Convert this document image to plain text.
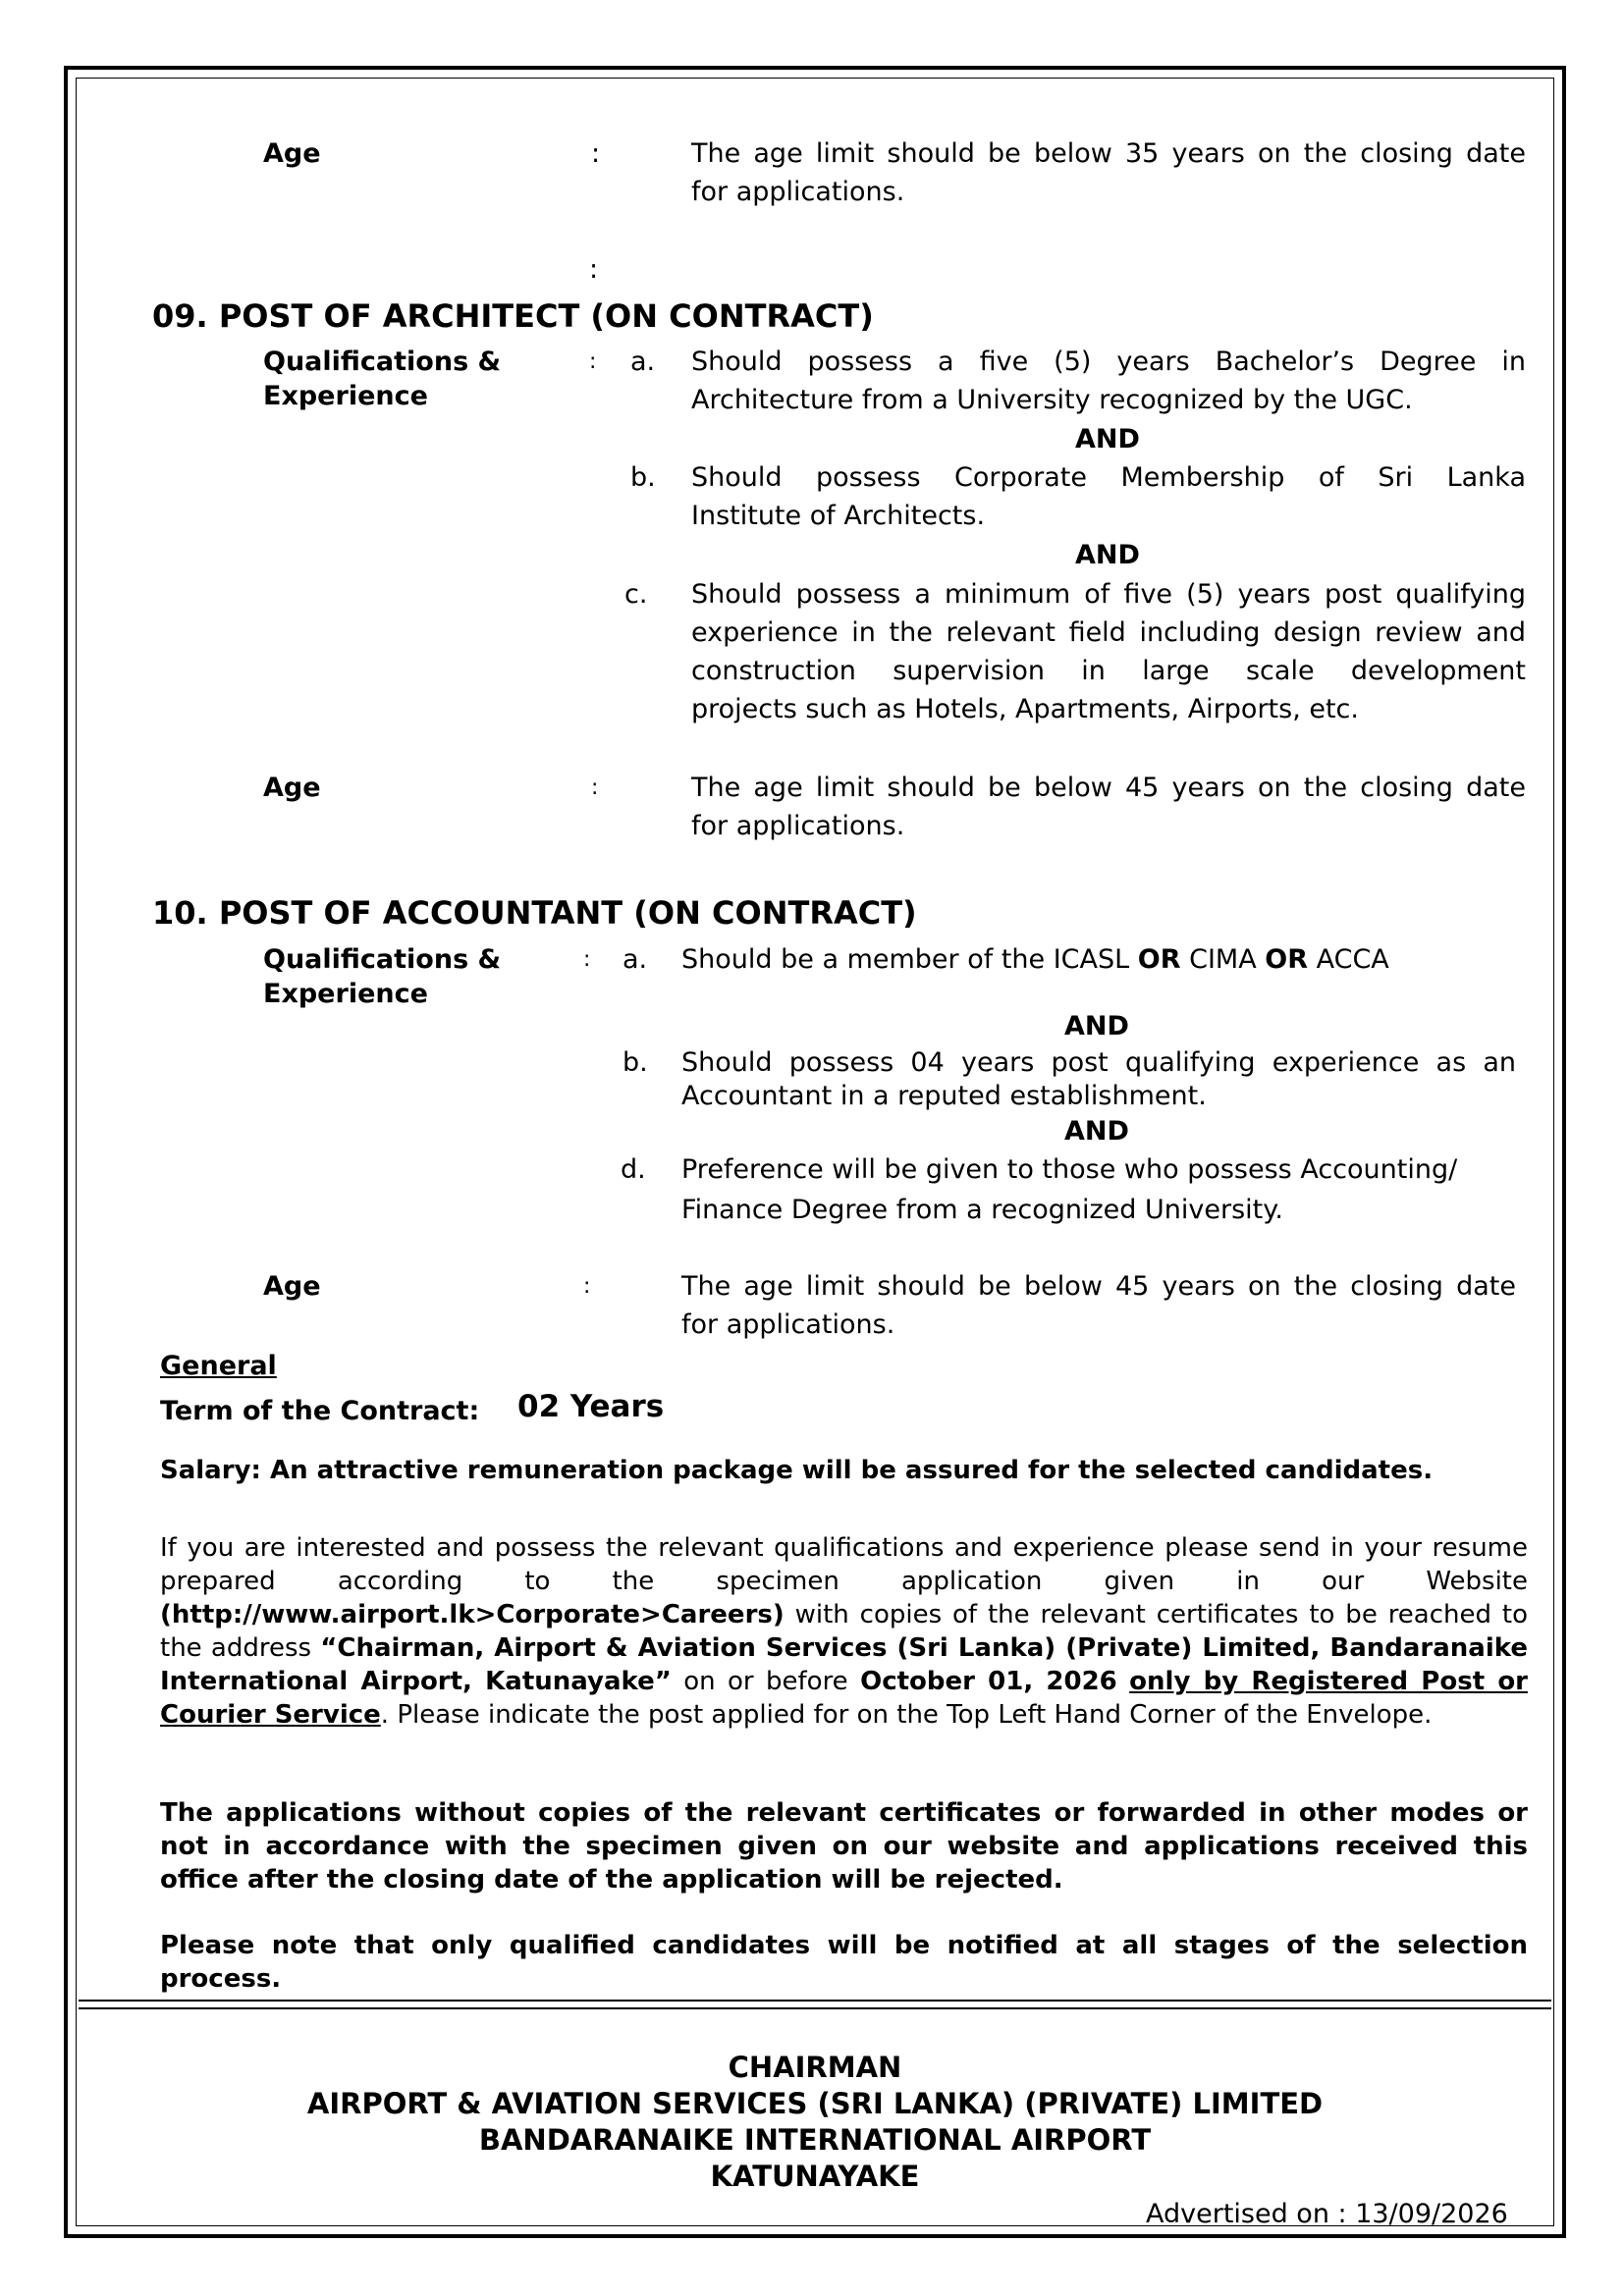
Age	:	The age limit should be below 35 years on the closing date
for applications.
:
09. POST OF ARCHITECT (ON CONTRACT)
Qualifications &
Experience
: a. Should possess a five (5) years Bachelor’s Degree in
Architecture from a University recognized by the UGC.
AND
b. Should possess Corporate Membership of Sri Lanka
Institute of Architects.
AND
c. Should possess a minimum of five (5) years post qualifying
experience in the relevant field including design review and
construction supervision in large scale development
projects such as Hotels, Apartments, Airports, etc.
Age	:	The age limit should be below 45 years on the closing date
for applications.
10. POST OF ACCOUNTANT (ON CONTRACT)
Qualifications &
Experience
: a. Should be a member of the ICASL OR CIMA OR ACCA
AND
b. Should possess 04 years post qualifying experience as an
Accountant in a reputed establishment.
AND
d. Preference will be given to those who possess Accounting/
Finance Degree from a recognized University.
Age	:	The age limit should be below 45 years on the closing date
for applications.
General
Term of the Contract: 02 Years
Salary: An attractive remuneration package will be assured for the selected candidates.
If you are interested and possess the relevant qualifications and experience please send in your resume prepared according to the specimen application given in our Website (http://www.airport.lk>Corporate>Careers) with copies of the relevant certificates to be reached to the address “Chairman, Airport & Aviation Services (Sri Lanka) (Private) Limited, Bandaranaike International Airport, Katunayake” on or before October 01, 2026 only by Registered Post or Courier Service. Please indicate the post applied for on the Top Left Hand Corner of the Envelope.
The applications without copies of the relevant certificates or forwarded in other modes or not in accordance with the specimen given on our website and applications received this office after the closing date of the application will be rejected.
Please note that only qualified candidates will be notified at all stages of the selection process.
CHAIRMAN
AIRPORT & AVIATION SERVICES (SRI LANKA) (PRIVATE) LIMITED
BANDARANAIKE INTERNATIONAL AIRPORT
KATUNAYAKE
Advertised on : 13/09/2026
